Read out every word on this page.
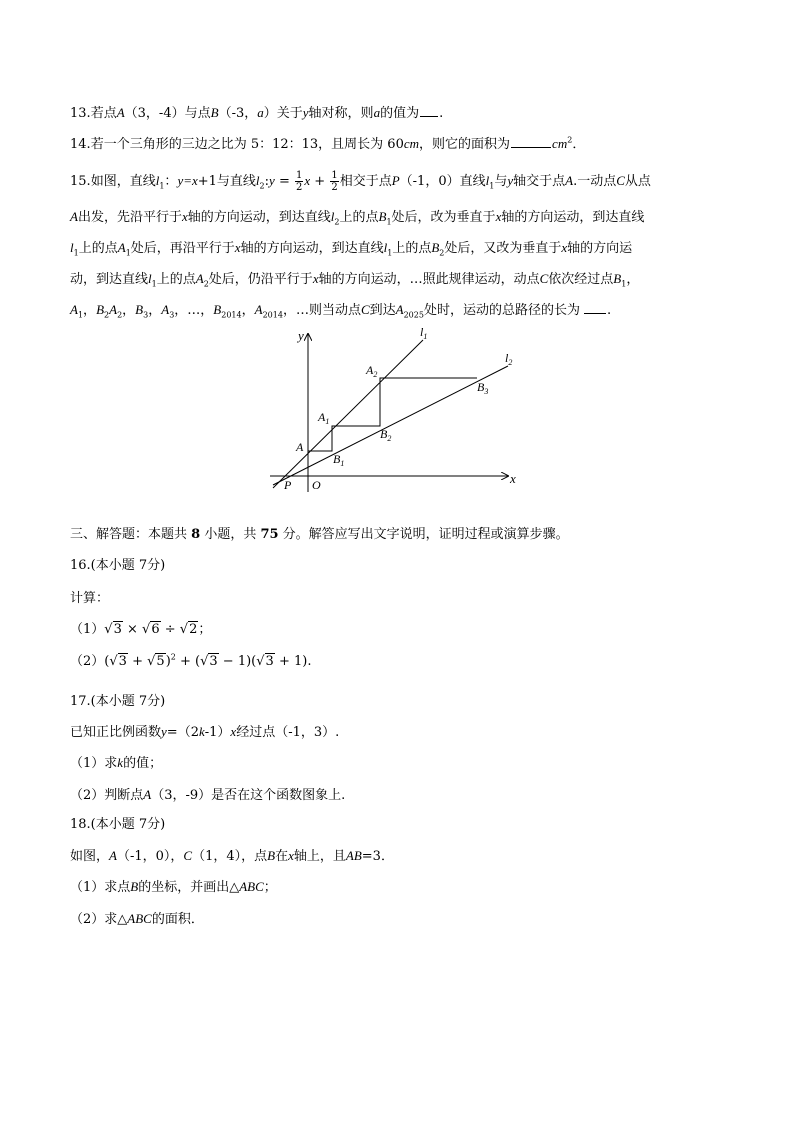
13.若点A（3，-4）与点B（-3，a）关于y轴对称，则a的值为 .
14.若一个三角形的三边之比为 5：12：13，且周长为 60cm，则它的面积为	$cm^2$．
15.如图，直线$l_1$：y=x+1与直线$l_2:y = \frac{1}{2}$ $x + \frac{1}{2}$ 相交于点P（-1，0）直线$l_1$与y轴交于点A.一动点C从点
A出发，先沿平行于x轴的方向运动，到达直线$l_2$上的点$B_1$处后，改为垂直于x轴的方向运动，到达直线
$l_1$上的点$A_1$处后，再沿平行于x轴的方向运动，到达直线$l_1$上的点$B_2$处后，又改为垂直于x轴的方向运
动，到达直线$l_1$上的点$A_2$处后，仍沿平行于x轴的方向运动，…照此规律运动，动点C依次经过点$B_1$，
$A_1$，$B_2A_2$，$B_3$，$A_3$，…，$B_{2014}$，$A_{2014}$，…则当动点C到达$A_{2025}$处时，运动的总路径的长为 .
y
x
$l_1$
$l_2$
A
$A_1$
$A_2$
$B_1$
$B_2$
$B_3$
P O
三、解答题：本题共 8 小题，共 75 分。解答应写出文字说明，证明过程或演算步骤。
16.(本小题 7分)
计算：
（1）√3 × √6 ÷ √2；
$(2)(√3 + √5)^2 + (√3 - 1)(√3 + 1)$.
17.(本小题 7分)
已知正比例函数y=（2k-1）x经过点（-1，3）.
（1）求k的值；
（2）判断点A（3，-9）是否在这个函数图象上.
18.(本小题 7分)
如图，A（-1，0），C（1，4），点B在x轴上，且AB=3．
（1）求点B的坐标，并画出△ABC；
（2）求△ABC的面积．
